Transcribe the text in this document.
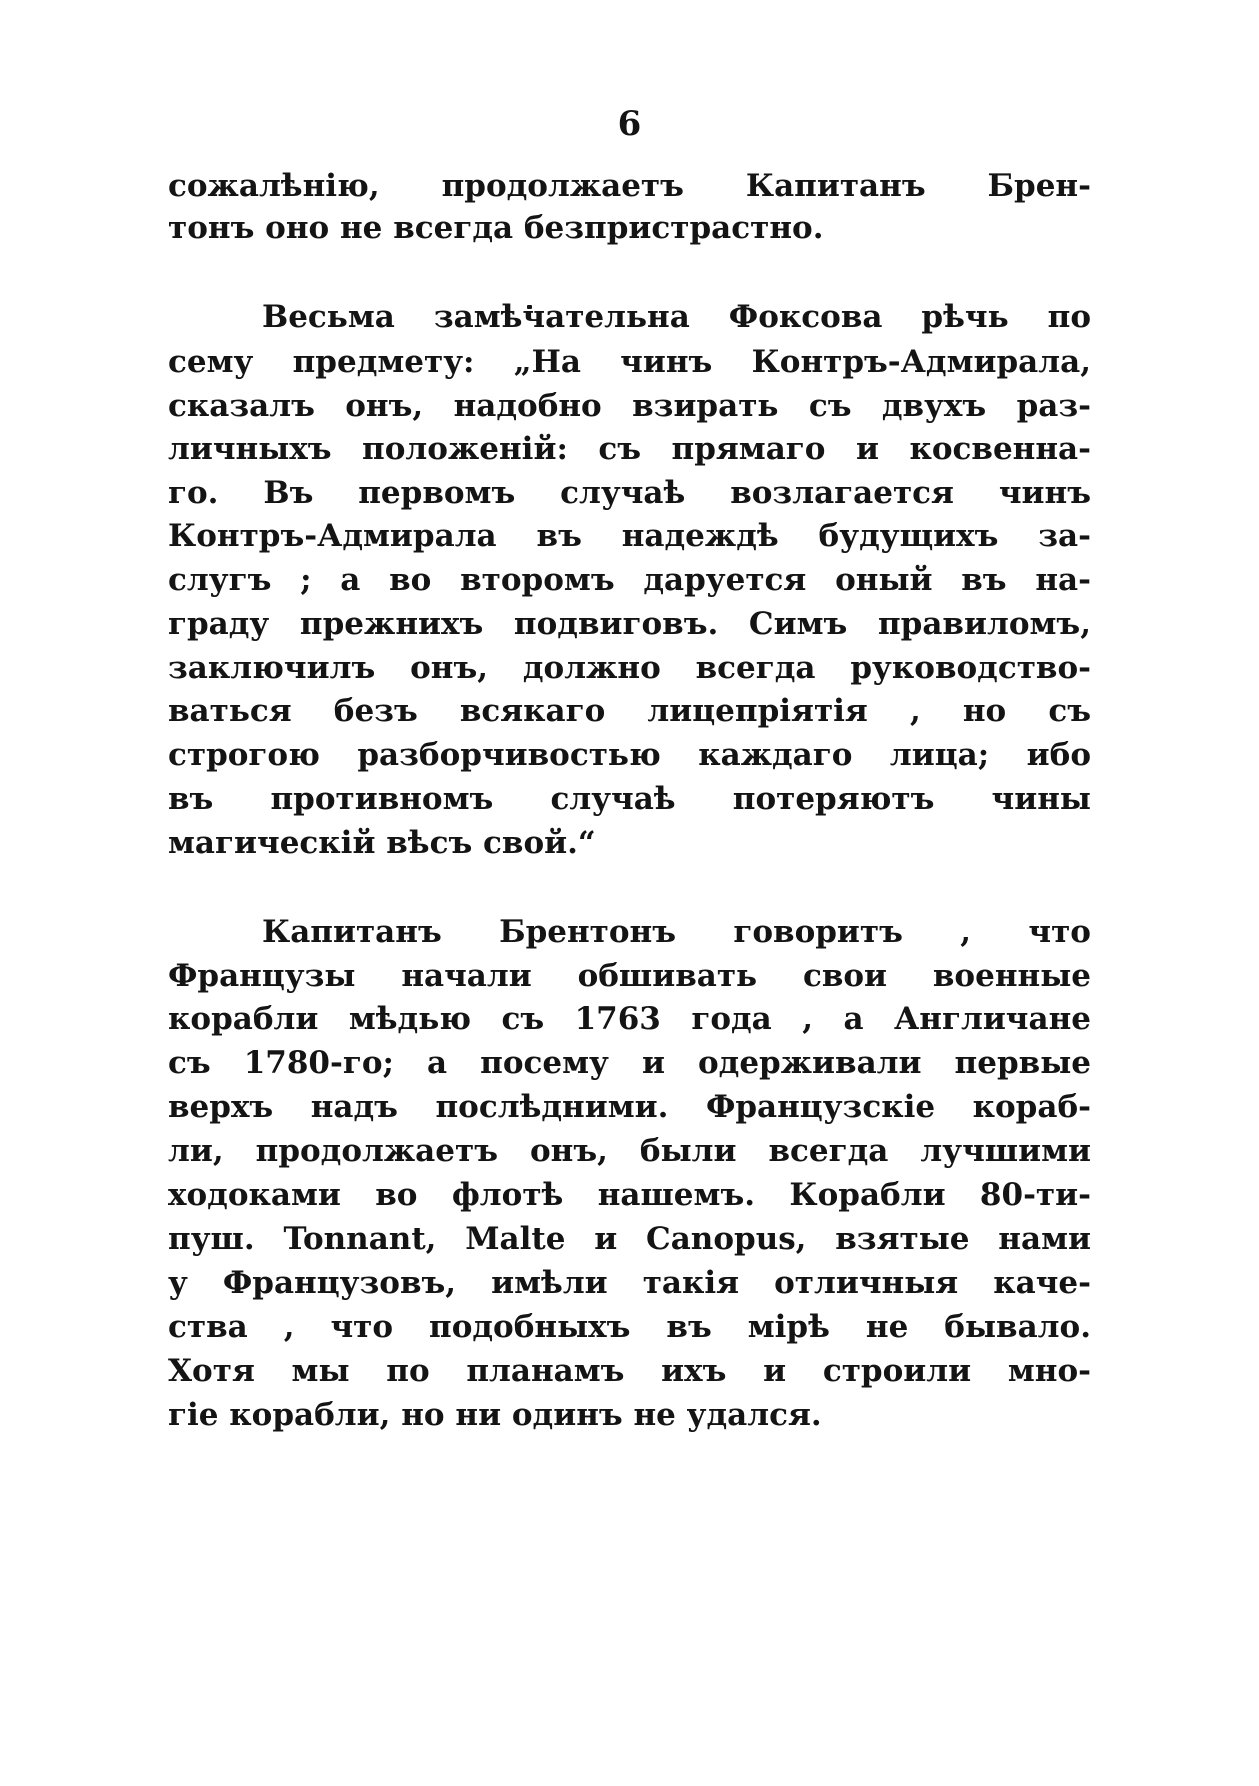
6
сожалѣнію, продолжаетъ Капитанъ Брен-
тонъ оно не всегда безпристрастно.
Весьма замѣчательна Фоксова рѣчь по
сему предмету: „На чинъ Контръ-Адмирала,
сказалъ онъ, надобно взирать съ двухъ раз-
личныхъ положеній: съ прямаго и косвенна-
го. Въ первомъ случаѣ возлагается чинъ
Контръ-Адмирала въ надеждѣ будущихъ за-
слугъ ; а во второмъ даруется оный въ на-
граду прежнихъ подвиговъ. Симъ правиломъ,
заключилъ онъ, должно всегда руководство-
ваться безъ всякаго лицепріятія , но съ
строгою разборчивостью каждаго лица; ибо
въ противномъ случаѣ потеряютъ чины
магическій вѣсъ свой.“
Капитанъ Брентонъ говоритъ , что
Французы начали обшивать свои военные
корабли мѣдью съ 1763 года , а Англичане
съ 1780-го; а посему и одерживали первые
верхъ надъ послѣдними. Французскіе кораб-
ли, продолжаетъ онъ, были всегда лучшими
ходоками во флотѣ нашемъ. Корабли 80-ти-
пуш. Tonnant, Malte и Canopus, взятые нами
у Французовъ, имѣли такія отличныя каче-
ства , что подобныхъ въ мірѣ не бывало.
Хотя мы по планамъ ихъ и строили мно-
гіе корабли, но ни одинъ не удался.
